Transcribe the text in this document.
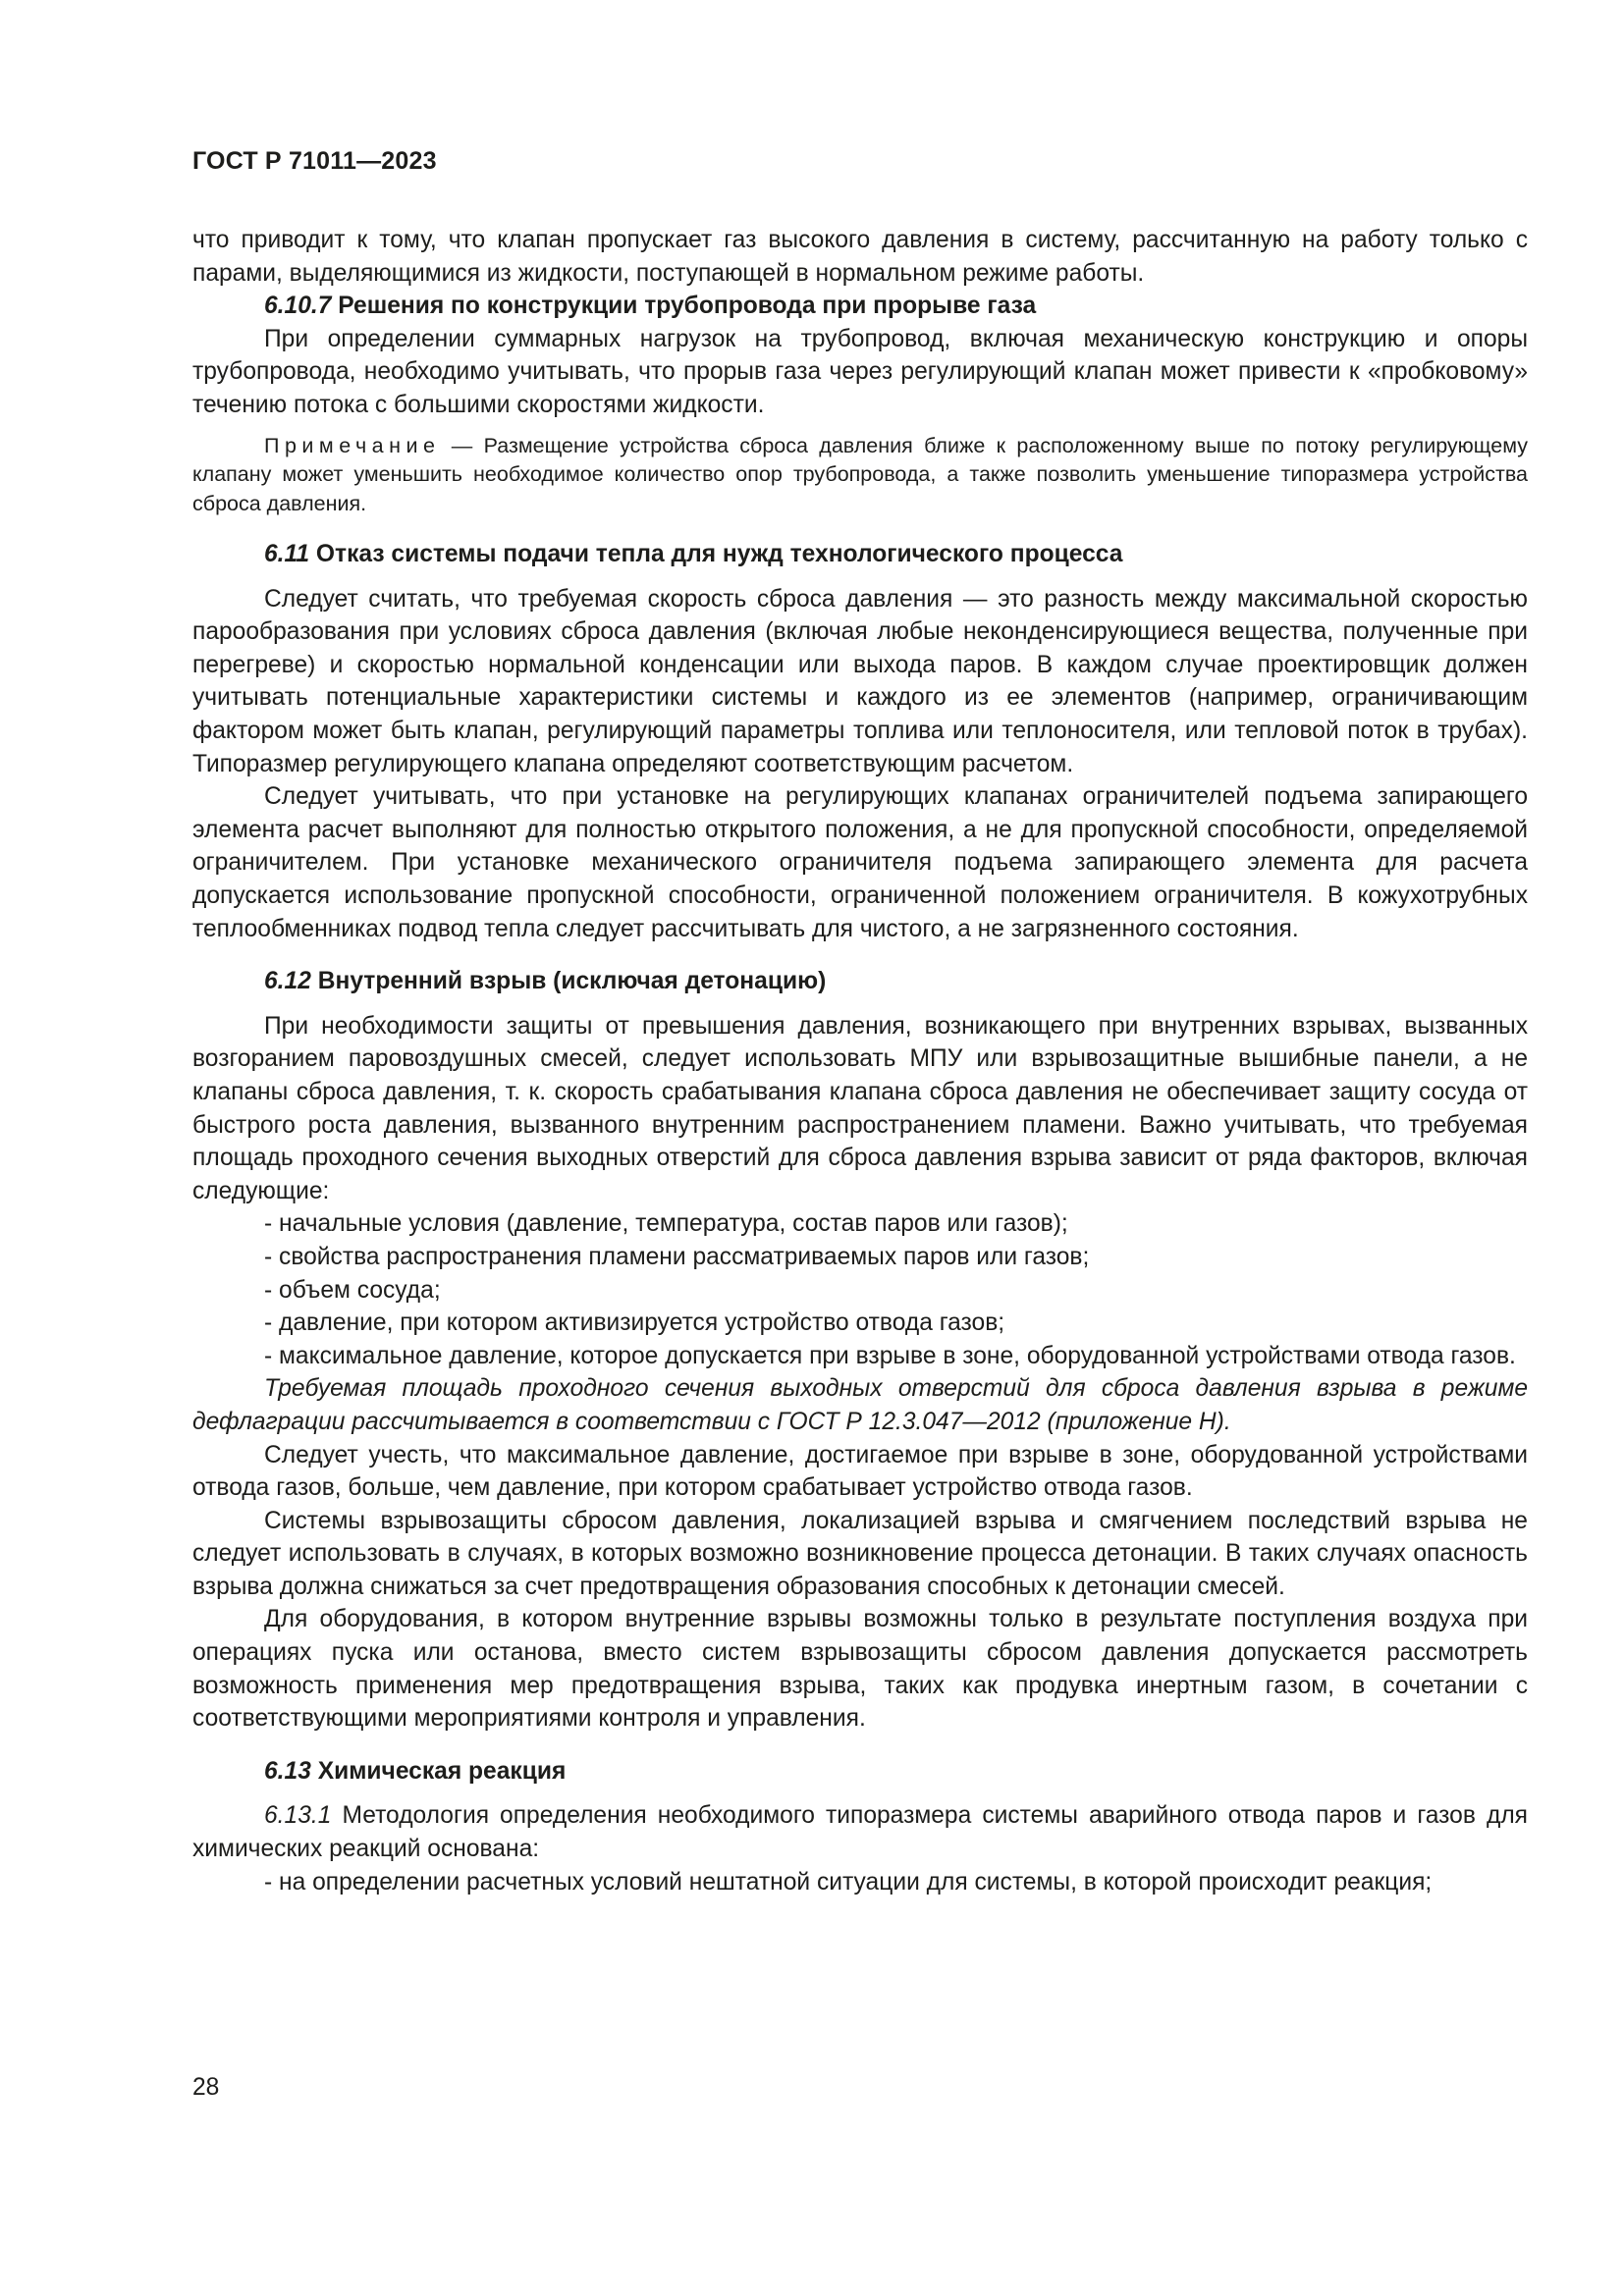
ГОСТ Р 71011—2023

что приводит к тому, что клапан пропускает газ высокого давления в систему, рассчитанную на работу только с парами, выделяющимися из жидкости, поступающей в нормальном режиме работы.

6.10.7 Решения по конструкции трубопровода при прорыве газа

При определении суммарных нагрузок на трубопровод, включая механическую конструкцию и опоры трубопровода, необходимо учитывать, что прорыв газа через регулирующий клапан может привести к «пробковому» течению потока с большими скоростями жидкости.

Примечание — Размещение устройства сброса давления ближе к расположенному выше по потоку регулирующему клапану может уменьшить необходимое количество опор трубопровода, а также позволить уменьшение типоразмера устройства сброса давления.

6.11 Отказ системы подачи тепла для нужд технологического процесса

Следует считать, что требуемая скорость сброса давления — это разность между максимальной скоростью парообразования при условиях сброса давления (включая любые неконденсирующиеся вещества, полученные при перегреве) и скоростью нормальной конденсации или выхода паров. В каждом случае проектировщик должен учитывать потенциальные характеристики системы и каждого из ее элементов (например, ограничивающим фактором может быть клапан, регулирующий параметры топлива или теплоносителя, или тепловой поток в трубах). Типоразмер регулирующего клапана определяют соответствующим расчетом.

Следует учитывать, что при установке на регулирующих клапанах ограничителей подъема запирающего элемента расчет выполняют для полностью открытого положения, а не для пропускной способности, определяемой ограничителем. При установке механического ограничителя подъема запирающего элемента для расчета допускается использование пропускной способности, ограниченной положением ограничителя. В кожухотрубных теплообменниках подвод тепла следует рассчитывать для чистого, а не загрязненного состояния.

6.12 Внутренний взрыв (исключая детонацию)

При необходимости защиты от превышения давления, возникающего при внутренних взрывах, вызванных возгоранием паровоздушных смесей, следует использовать МПУ или взрывозащитные вышибные панели, а не клапаны сброса давления, т. к. скорость срабатывания клапана сброса давления не обеспечивает защиту сосуда от быстрого роста давления, вызванного внутренним распространением пламени. Важно учитывать, что требуемая площадь проходного сечения выходных отверстий для сброса давления взрыва зависит от ряда факторов, включая следующие:

- начальные условия (давление, температура, состав паров или газов);

- свойства распространения пламени рассматриваемых паров или газов;

- объем сосуда;

- давление, при котором активизируется устройство отвода газов;

- максимальное давление, которое допускается при взрыве в зоне, оборудованной устройствами отвода газов.

Требуемая площадь проходного сечения выходных отверстий для сброса давления взрыва в режиме дефлаграции рассчитывается в соответствии с ГОСТ Р 12.3.047—2012 (приложение Н).

Следует учесть, что максимальное давление, достигаемое при взрыве в зоне, оборудованной устройствами отвода газов, больше, чем давление, при котором срабатывает устройство отвода газов.

Системы взрывозащиты сбросом давления, локализацией взрыва и смягчением последствий взрыва не следует использовать в случаях, в которых возможно возникновение процесса детонации. В таких случаях опасность взрыва должна снижаться за счет предотвращения образования способных к детонации смесей.

Для оборудования, в котором внутренние взрывы возможны только в результате поступления воздуха при операциях пуска или останова, вместо систем взрывозащиты сбросом давления допускается рассмотреть возможность применения мер предотвращения взрыва, таких как продувка инертным газом, в сочетании с соответствующими мероприятиями контроля и управления.

6.13 Химическая реакция

6.13.1 Методология определения необходимого типоразмера системы аварийного отвода паров и газов для химических реакций основана:

- на определении расчетных условий нештатной ситуации для системы, в которой происходит реакция;

28
